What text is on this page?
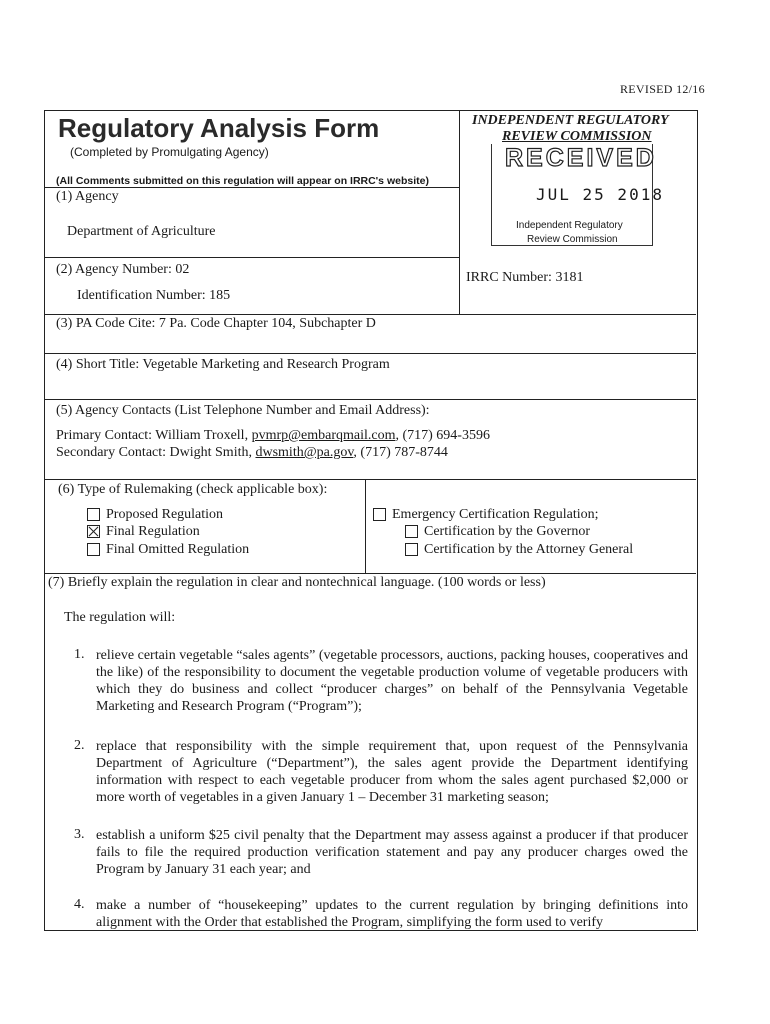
REVISED 12/16
Regulatory Analysis Form
(Completed by Promulgating Agency)
(All Comments submitted on this regulation will appear on IRRC's website)
INDEPENDENT REGULATORY
REVIEW COMMISSION
RECEIVED
JUL 25 2018
Independent Regulatory
Review Commission
(1) Agency
Department of Agriculture
(2) Agency Number: 02
Identification Number: 185
IRRC Number: 3181
(3) PA Code Cite: 7 Pa. Code Chapter 104, Subchapter D
(4) Short Title: Vegetable Marketing and Research Program
(5) Agency Contacts (List Telephone Number and Email Address):
Primary Contact: William Troxell, pvmrp@embarqmail.com, (717) 694-3596
Secondary Contact: Dwight Smith, dwsmith@pa.gov, (717) 787-8744
(6) Type of Rulemaking (check applicable box):
Proposed Regulation
Final Regulation
Final Omitted Regulation
Emergency Certification Regulation;
Certification by the Governor
Certification by the Attorney General
(7) Briefly explain the regulation in clear and nontechnical language. (100 words or less)
The regulation will:
1. relieve certain vegetable “sales agents” (vegetable processors, auctions, packing houses, cooperatives and the like) of the responsibility to document the vegetable production volume of vegetable producers with which they do business and collect “producer charges” on behalf of the Pennsylvania Vegetable Marketing and Research Program (“Program”);
2. replace that responsibility with the simple requirement that, upon request of the Pennsylvania Department of Agriculture (“Department”), the sales agent provide the Department identifying information with respect to each vegetable producer from whom the sales agent purchased $2,000 or more worth of vegetables in a given January 1 – December 31 marketing season;
3. establish a uniform $25 civil penalty that the Department may assess against a producer if that producer fails to file the required production verification statement and pay any producer charges owed the Program by January 31 each year; and
4. make a number of “housekeeping” updates to the current regulation by bringing definitions into alignment with the Order that established the Program, simplifying the form used to verify
